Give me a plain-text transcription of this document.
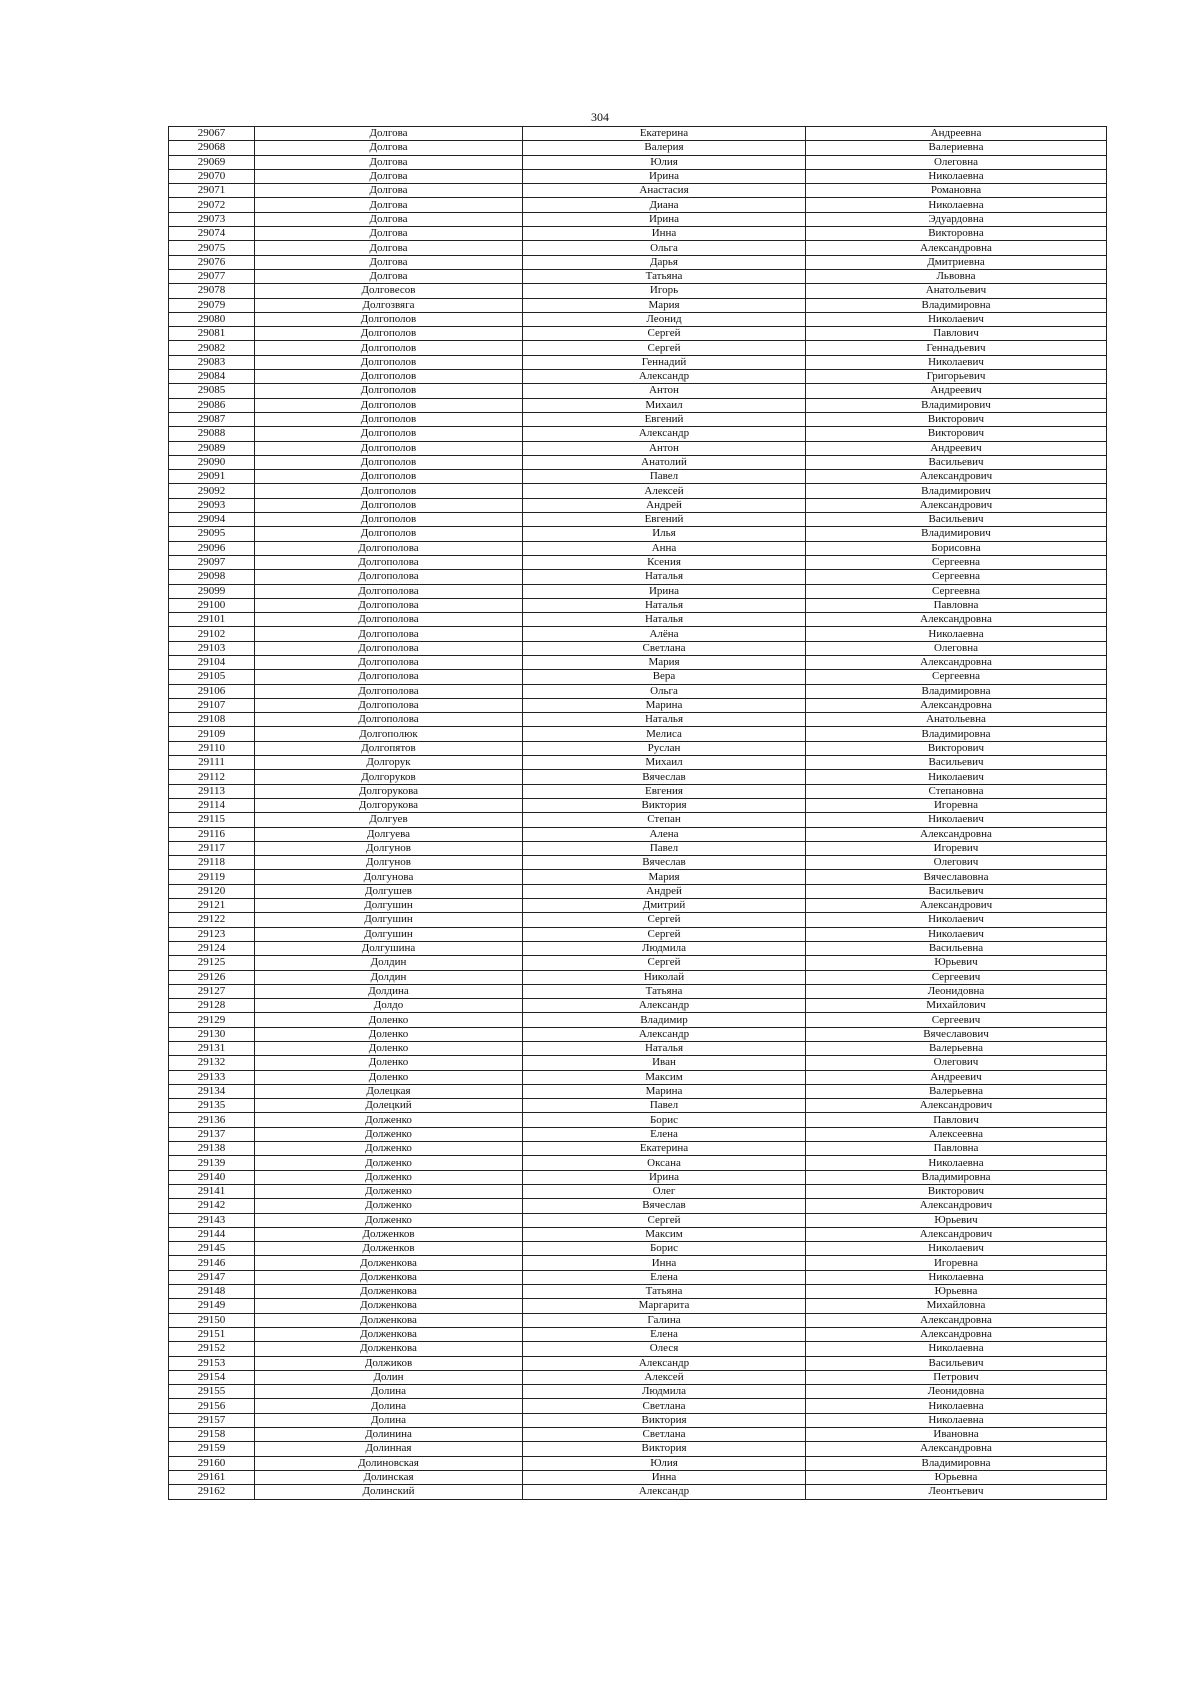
304
29067	Долгова	Екатерина	Андреевна
29068	Долгова	Валерия	Валериевна
29069	Долгова	Юлия	Олеговна
29070	Долгова	Ирина	Николаевна
29071	Долгова	Анастасия	Романовна
29072	Долгова	Диана	Николаевна
29073	Долгова	Ирина	Эдуардовна
29074	Долгова	Инна	Викторовна
29075	Долгова	Ольга	Александровна
29076	Долгова	Дарья	Дмитриевна
29077	Долгова	Татьяна	Львовна
29078	Долговесов	Игорь	Анатольевич
29079	Долгозвяга	Мария	Владимировна
29080	Долгополов	Леонид	Николаевич
29081	Долгополов	Сергей	Павлович
29082	Долгополов	Сергей	Геннадьевич
29083	Долгополов	Геннадий	Николаевич
29084	Долгополов	Александр	Григорьевич
29085	Долгополов	Антон	Андреевич
29086	Долгополов	Михаил	Владимирович
29087	Долгополов	Евгений	Викторович
29088	Долгополов	Александр	Викторович
29089	Долгополов	Антон	Андреевич
29090	Долгополов	Анатолий	Васильевич
29091	Долгополов	Павел	Александрович
29092	Долгополов	Алексей	Владимирович
29093	Долгополов	Андрей	Александрович
29094	Долгополов	Евгений	Васильевич
29095	Долгополов	Илья	Владимирович
29096	Долгополова	Анна	Борисовна
29097	Долгополова	Ксения	Сергеевна
29098	Долгополова	Наталья	Сергеевна
29099	Долгополова	Ирина	Сергеевна
29100	Долгополова	Наталья	Павловна
29101	Долгополова	Наталья	Александровна
29102	Долгополова	Алёна	Николаевна
29103	Долгополова	Светлана	Олеговна
29104	Долгополова	Мария	Александровна
29105	Долгополова	Вера	Сергеевна
29106	Долгополова	Ольга	Владимировна
29107	Долгополова	Марина	Александровна
29108	Долгополова	Наталья	Анатольевна
29109	Долгополюк	Мелиса	Владимировна
29110	Долгопятов	Руслан	Викторович
29111	Долгорук	Михаил	Васильевич
29112	Долгоруков	Вячеслав	Николаевич
29113	Долгорукова	Евгения	Степановна
29114	Долгорукова	Виктория	Игоревна
29115	Долгуев	Степан	Николаевич
29116	Долгуева	Алена	Александровна
29117	Долгунов	Павел	Игоревич
29118	Долгунов	Вячеслав	Олегович
29119	Долгунова	Мария	Вячеславовна
29120	Долгушев	Андрей	Васильевич
29121	Долгушин	Дмитрий	Александрович
29122	Долгушин	Сергей	Николаевич
29123	Долгушин	Сергей	Николаевич
29124	Долгушина	Людмила	Васильевна
29125	Долдин	Сергей	Юрьевич
29126	Долдин	Николай	Сергеевич
29127	Долдина	Татьяна	Леонидовна
29128	Долдо	Александр	Михайлович
29129	Доленко	Владимир	Сергеевич
29130	Доленко	Александр	Вячеславович
29131	Доленко	Наталья	Валерьевна
29132	Доленко	Иван	Олегович
29133	Доленко	Максим	Андреевич
29134	Долецкая	Марина	Валерьевна
29135	Долецкий	Павел	Александрович
29136	Долженко	Борис	Павлович
29137	Долженко	Елена	Алексеевна
29138	Долженко	Екатерина	Павловна
29139	Долженко	Оксана	Николаевна
29140	Долженко	Ирина	Владимировна
29141	Долженко	Олег	Викторович
29142	Долженко	Вячеслав	Александрович
29143	Долженко	Сергей	Юрьевич
29144	Долженков	Максим	Александрович
29145	Долженков	Борис	Николаевич
29146	Долженкова	Инна	Игоревна
29147	Долженкова	Елена	Николаевна
29148	Долженкова	Татьяна	Юрьевна
29149	Долженкова	Маргарита	Михайловна
29150	Долженкова	Галина	Александровна
29151	Долженкова	Елена	Александровна
29152	Долженкова	Олеся	Николаевна
29153	Должиков	Александр	Васильевич
29154	Долин	Алексей	Петрович
29155	Долина	Людмила	Леонидовна
29156	Долина	Светлана	Николаевна
29157	Долина	Виктория	Николаевна
29158	Долинина	Светлана	Ивановна
29159	Долинная	Виктория	Александровна
29160	Долиновская	Юлия	Владимировна
29161	Долинская	Инна	Юрьевна
29162	Долинский	Александр	Леонтьевич
